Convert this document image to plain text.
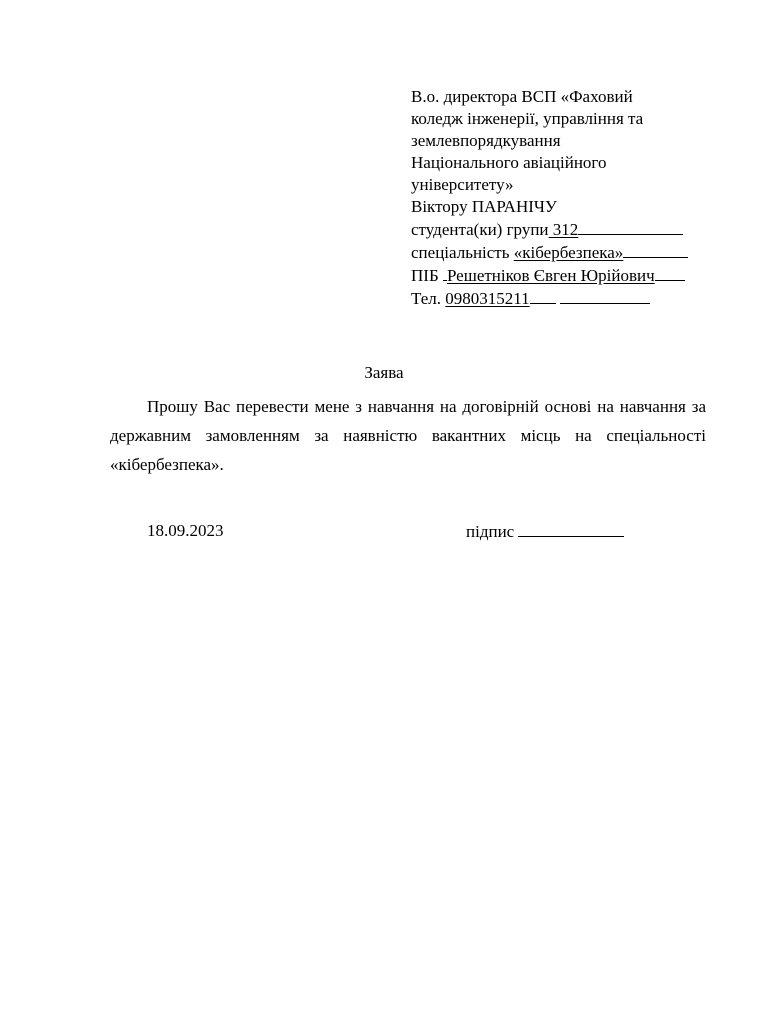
В.о. директора ВСП «Фаховий
коледж інженерії, управління та
землевпорядкування
Національного авіаційного
університету»
Віктору ПАРАНІЧУ
студента(ки) групи 312
спеціальність «кібербезпека»
ПІБ Решетніков Євген Юрійович
Тел. 0980315211
Заява

Прошу Вас перевести мене з навчання на договірній основі на навчання за державним замовленням за наявністю вакантних місць на спеціальності «кібербезпека».

18.09.2023	підпис
